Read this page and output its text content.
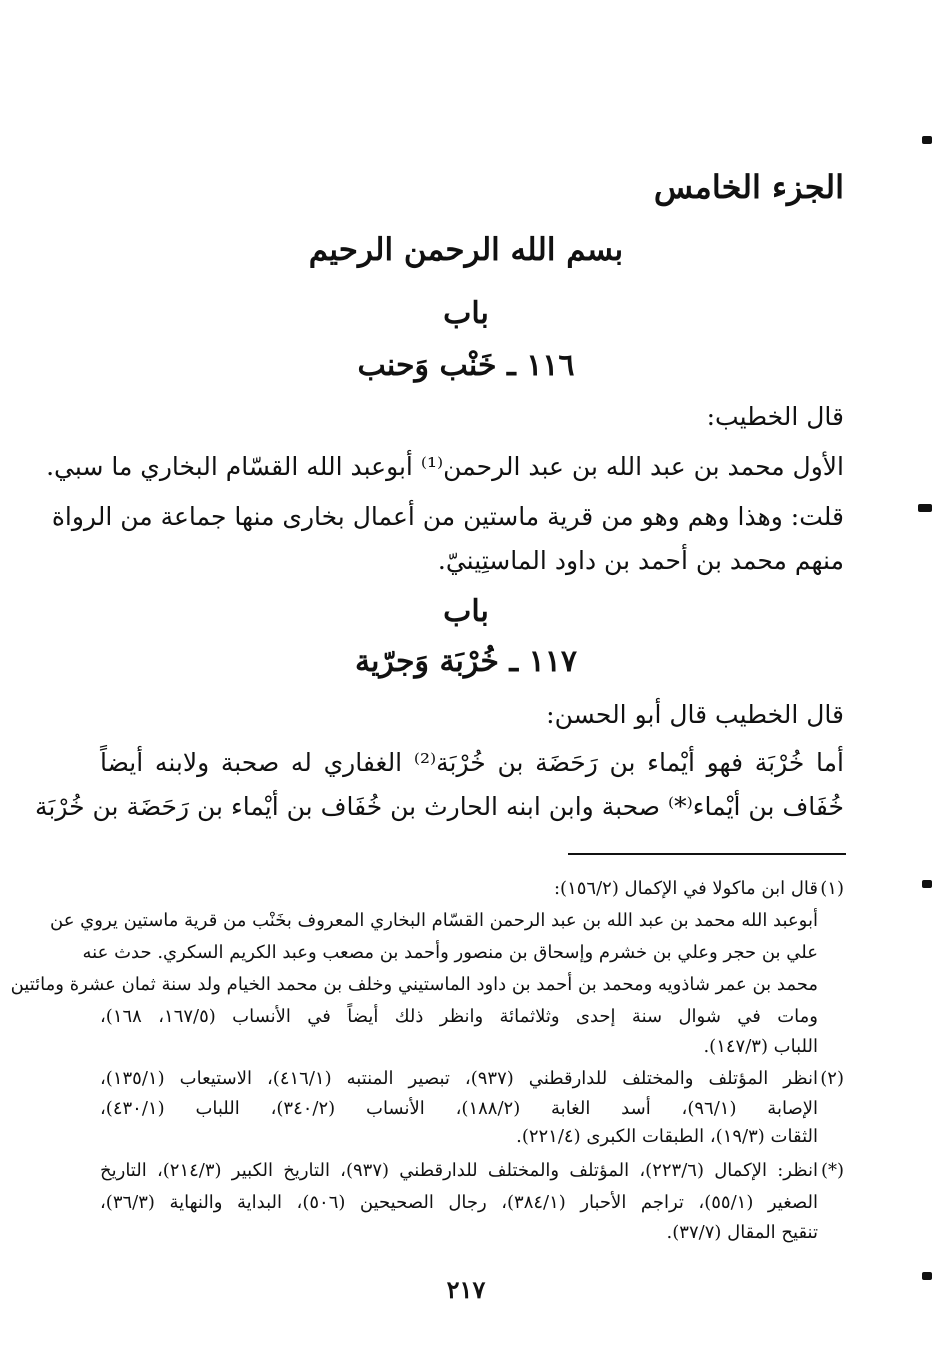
الجزء الخامس
بسم الله الرحمن الرحيم
باب
١١٦ ـ خَنْب وَحنب
قال الخطيب:
الأول محمد بن عبد الله بن عبد الرحمن⁽¹⁾ أبوعبد الله القسّام البخاري ما سبي.
قلت: وهذا وهم وهو من قرية ماستين من أعمال بخارى منها جماعة من الرواة
منهم محمد بن أحمد بن داود الماستِينيّ.
باب
١١٧ ـ خُرْبَة وَجرّية
قال الخطيب قال أبو الحسن:
أما خُرْبَة فهو أيْماء بن رَحَضَة بن خُرْبَة⁽²⁾ الغفاري له صحبة ولابنه أيضاً
خُفَاف بن أيْماء⁽*⁾ صحبة وابن ابنه الحارث بن خُفَاف بن أيْماء بن رَحَضَة بن خُرْبَة
(١)
قال ابن ماكولا في الإكمال (١٥٦/٢):
أبوعبد الله محمد بن عبد الله بن عبد الرحمن القسّام البخاري المعروف بخَنْب من قرية ماستين يروي عن
علي بن حجر وعلي بن خشرم وإسحاق بن منصور وأحمد بن مصعب وعبد الكريم السكري. حدث عنه
محمد بن عمر شاذويه ومحمد بن أحمد بن داود الماستيني وخلف بن محمد الخيام ولد سنة ثمان عشرة ومائتين
ومات في شوال سنة إحدى وثلاثمائة وانظر ذلك أيضاً في الأنساب (١٦٧/٥، ١٦٨)،
اللباب (١٤٧/٣).
(٢)
انظر المؤتلف والمختلف للدارقطني (٩٣٧)، تبصير المنتبه (٤١٦/١)، الاستيعاب (١٣٥/١)،
الإصابة (٩٦/١)، أسد الغابة (١٨٨/٢)، الأنساب (٣٤٠/٢)، اللباب (٤٣٠/١)،
الثقات (١٩/٣)، الطبقات الكبرى (٢٢١/٤).
(*)
انظر: الإكمال (٢٢٣/٦)، المؤتلف والمختلف للدارقطني (٩٣٧)، التاريخ الكبير (٢١٤/٣)، التاريخ
الصغير (٥٥/١)، تراجم الأحبار (٣٨٤/١)، رجال الصحيحين (٥٠٦)، البداية والنهاية (٣٦/٣)،
تنقيح المقال (٣٧/٧).
٢١٧
